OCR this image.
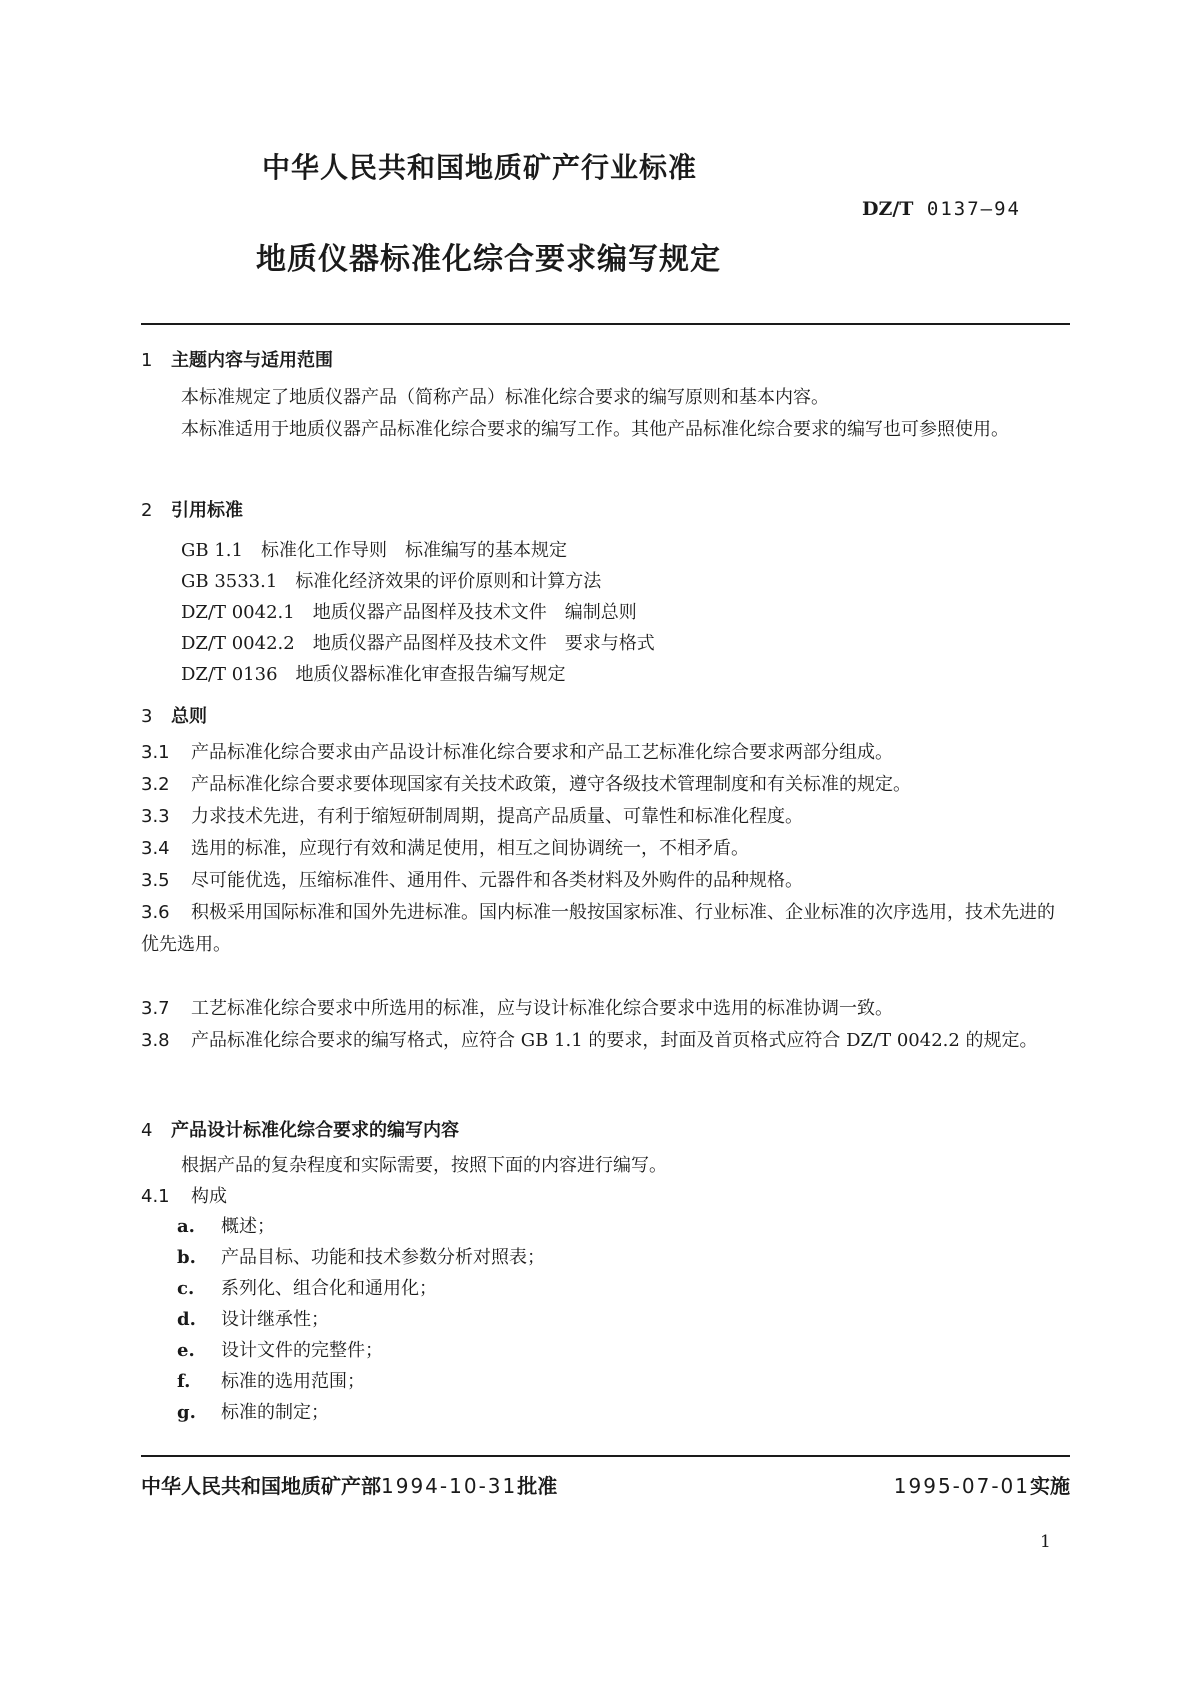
中华人民共和国地质矿产行业标准
DZ/T 0137—94
地质仪器标准化综合要求编写规定
1 主题内容与适用范围
本标准规定了地质仪器产品（简称产品）标准化综合要求的编写原则和基本内容。
本标准适用于地质仪器产品标准化综合要求的编写工作。其他产品标准化综合要求的编写也可参照使用。
2 引用标准
GB 1.1 标准化工作导则　标准编写的基本规定
GB 3533.1 标准化经济效果的评价原则和计算方法
DZ/T 0042.1 地质仪器产品图样及技术文件　编制总则
DZ/T 0042.2 地质仪器产品图样及技术文件　要求与格式
DZ/T 0136 地质仪器标准化审查报告编写规定
3 总则
3.1 产品标准化综合要求由产品设计标准化综合要求和产品工艺标准化综合要求两部分组成。
3.2 产品标准化综合要求要体现国家有关技术政策，遵守各级技术管理制度和有关标准的规定。
3.3 力求技术先进，有利于缩短研制周期，提高产品质量、可靠性和标准化程度。
3.4 选用的标准，应现行有效和满足使用，相互之间协调统一，不相矛盾。
3.5 尽可能优选，压缩标准件、通用件、元器件和各类材料及外购件的品种规格。
3.6 积极采用国际标准和国外先进标准。国内标准一般按国家标准、行业标准、企业标准的次序选用，技术先进的优先选用。
3.7 工艺标准化综合要求中所选用的标准，应与设计标准化综合要求中选用的标准协调一致。
3.8 产品标准化综合要求的编写格式，应符合 GB 1.1 的要求，封面及首页格式应符合 DZ/T 0042.2 的规定。
4 产品设计标准化综合要求的编写内容
根据产品的复杂程度和实际需要，按照下面的内容进行编写。
4.1 构成
a. 概述；
b. 产品目标、功能和技术参数分析对照表；
c. 系列化、组合化和通用化；
d. 设计继承性；
e. 设计文件的完整件；
f. 标准的选用范围；
g. 标准的制定；
中华人民共和国地质矿产部1994-10-31批准	1995-07-01实施
1
